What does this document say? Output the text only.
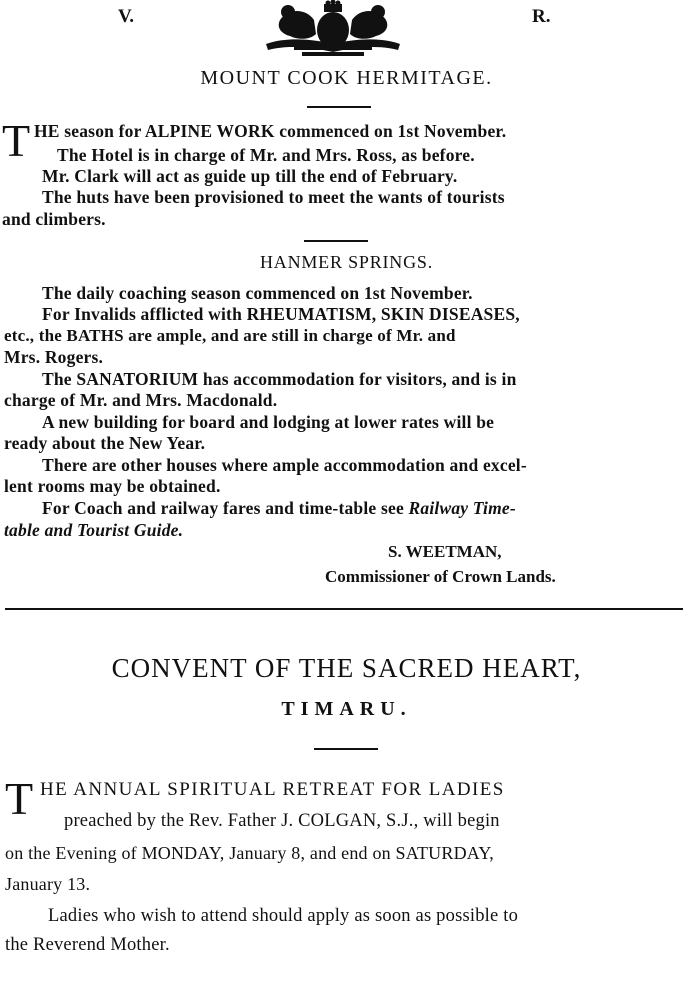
V.	R.
MOUNT COOK HERMITAGE.
T HE season for ALPINE WORK commenced on 1st November.
The Hotel is in charge of Mr. and Mrs. Ross, as before.
Mr. Clark will act as guide up till the end of February.
The huts have been provisioned to meet the wants of tourists
and climbers.
HANMER SPRINGS.
The daily coaching season commenced on 1st November.
For Invalids afflicted with RHEUMATISM, SKIN DISEASES,
etc., the BATHS are ample, and are still in charge of Mr. and
Mrs. Rogers.
The SANATORIUM has accommodation for visitors, and is in
charge of Mr. and Mrs. Macdonald.
A new building for board and lodging at lower rates will be
ready about the New Year.
There are other houses where ample accommodation and excel-
lent rooms may be obtained.
For Coach and railway fares and time-table see Railway Time-
table and Tourist Guide.
S. WEETMAN,
Commissioner of Crown Lands.
CONVENT OF THE SACRED HEART,
TIMARU.
T HE ANNUAL SPIRITUAL RETREAT FOR LADIES
preached by the Rev. Father J. COLGAN, S.J., will begin
on the Evening of MONDAY, January 8, and end on SATURDAY,
January 13.
Ladies who wish to attend should apply as soon as possible to
the Reverend Mother.
